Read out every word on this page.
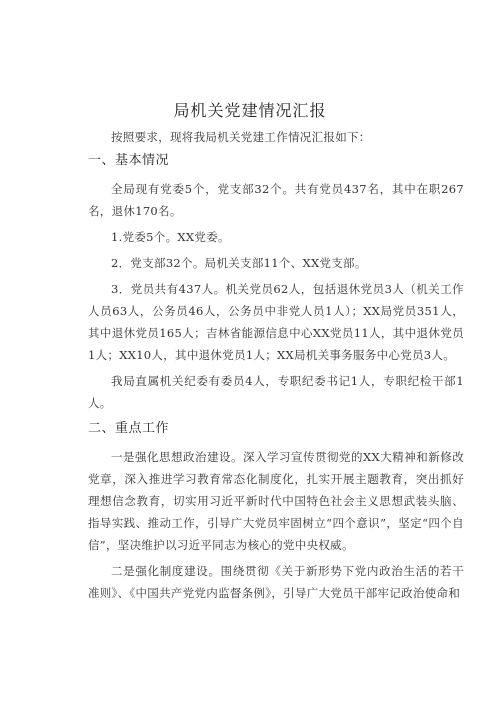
局机关党建情况汇报

按照要求，现将我局机关党建工作情况汇报如下：

一、基本情况

全局现有党委5个，党支部32个。共有党员437名，其中在职267名，退休170名。

1.党委5个。XX党委。

2．党支部32个。局机关支部11个、XX党支部。

3．党员共有437人。机关党员62人，包括退休党员3人（机关工作人员63人，公务员46人，公务员中非党人员1人）；XX局党员351人，其中退休党员165人；吉林省能源信息中心XX党员11人，其中退休党员1人；XX10人，其中退休党员1人；XX局机关事务服务中心党员3人。

我局直属机关纪委有委员4人，专职纪委书记1人，专职纪检干部1人。

二、重点工作

一是强化思想政治建设。深入学习宣传贯彻党的XX大精神和新修改党章，深入推进学习教育常态化制度化，扎实开展主题教育，突出抓好理想信念教育，切实用习近平新时代中国特色社会主义思想武装头脑、指导实践、推动工作，引导广大党员牢固树立“四个意识”，坚定“四个自信”，坚决维护以习近平同志为核心的党中央权威。

二是强化制度建设。围绕贯彻《关于新形势下党内政治生活的若干准则》、《中国共产党党内监督条例》，引导广大党员干部牢记政治使命和
